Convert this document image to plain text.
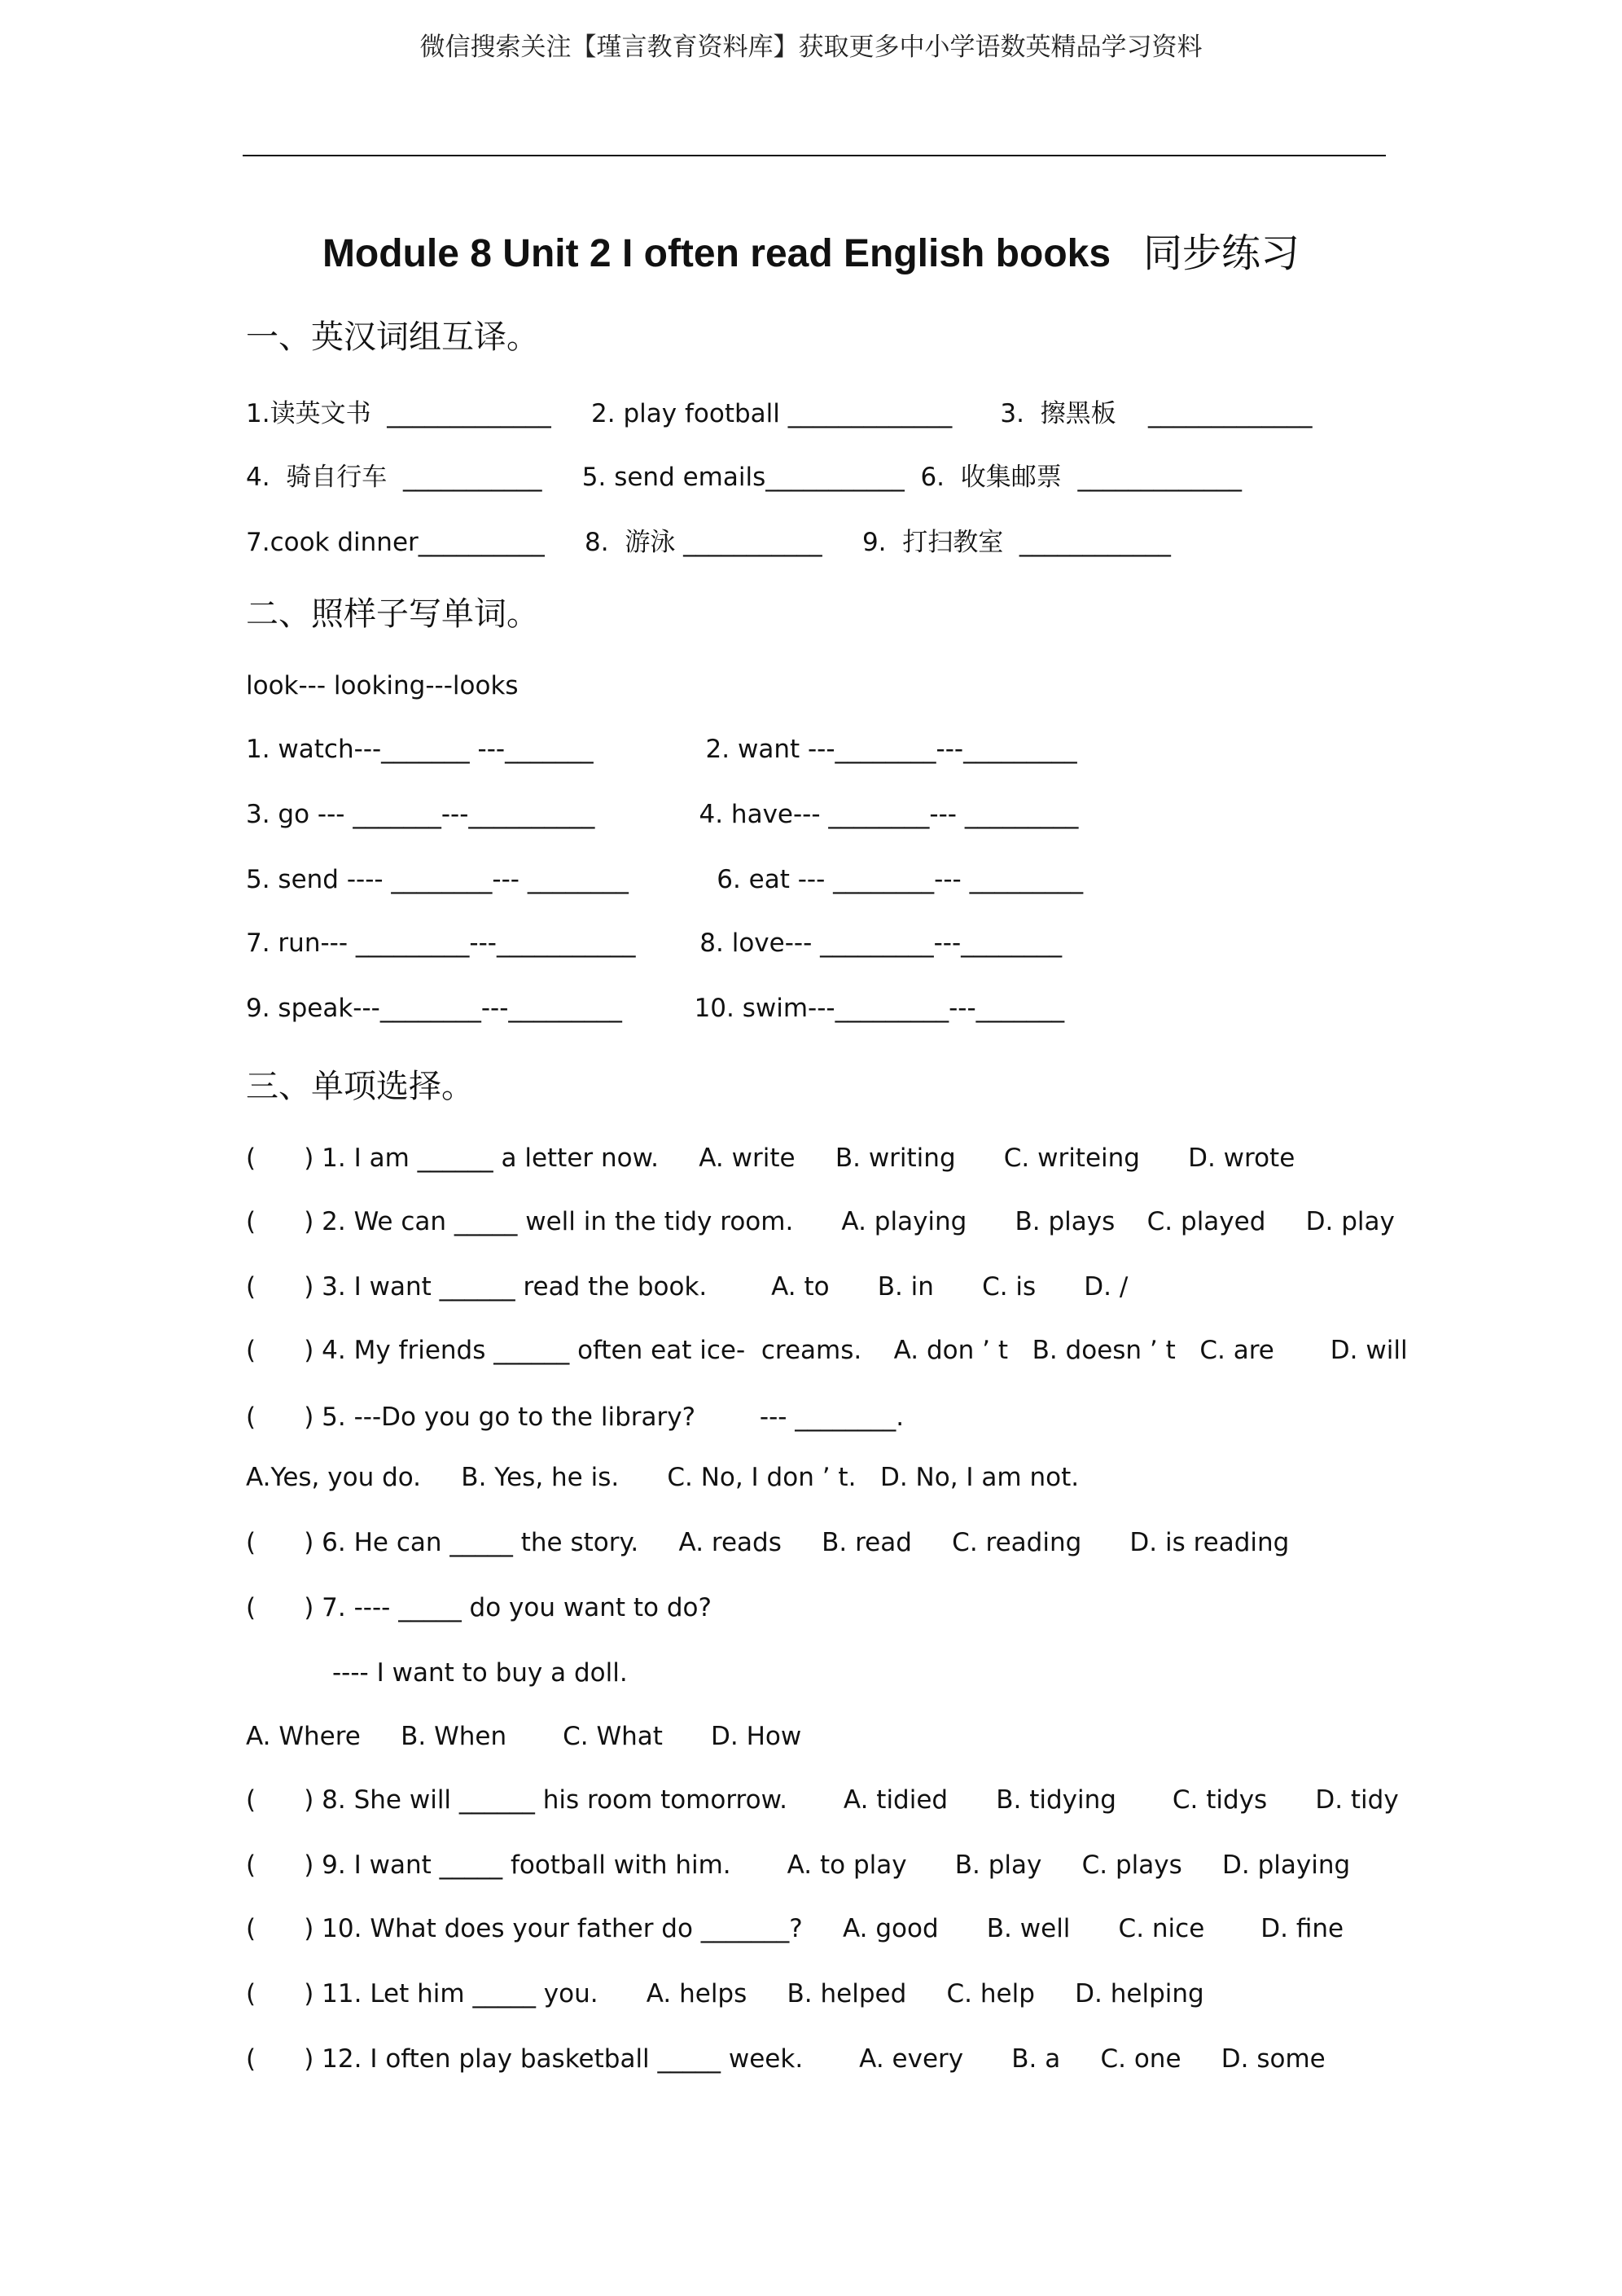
微信搜索关注【瑾言教育资料库】获取更多中小学语数英精品学习资料
Module 8 Unit 2 I often read English books 同步练习
一、英汉词组互译。
1.读英文书  _____________     2. play football _____________      3.  擦黑板    _____________
4.  骑自行车  ___________     5. send emails___________  6.  收集邮票  _____________
7.cook dinner__________     8.  游泳 ___________     9.  打扫教室  ____________
二、照样子写单词。
look--- looking---looks
1. watch---_______ ---_______              2. want ---________---_________
3. go --- _______---__________             4. have--- ________--- _________
5. send ---- ________--- ________           6. eat --- ________--- _________
7. run--- _________---___________        8. love--- _________---________
9. speak---________---_________         10. swim---_________---_______
三、单项选择。
(      ) 1. I am ______ a letter now.     A. write     B. writing      C. writeing      D. wrote
(      ) 2. We can _____ well in the tidy room.      A. playing      B. plays    C. played     D. play
(      ) 3. I want ______ read the book.        A. to      B. in      C. is      D. /
(      ) 4. My friends ______ often eat ice-  creams.    A. don ’ t   B. doesn ’ t   C. are       D. will
(      ) 5. ---Do you go to the library?        --- ________.
A.Yes, you do.     B. Yes, he is.      C. No, I don ’ t.   D. No, I am not.
(      ) 6. He can _____ the story.     A. reads     B. read     C. reading      D. is reading
(      ) 7. ---- _____ do you want to do?
---- I want to buy a doll.
A. Where     B. When       C. What      D. How
(      ) 8. She will ______ his room tomorrow.       A. tidied      B. tidying       C. tidys      D. tidy
(      ) 9. I want _____ football with him.       A. to play      B. play     C. plays     D. playing
(      ) 10. What does your father do _______?     A. good      B. well      C. nice       D. fine
(      ) 11. Let him _____ you.      A. helps     B. helped     C. help     D. helping
(      ) 12. I often play basketball _____ week.       A. every      B. a     C. one     D. some
